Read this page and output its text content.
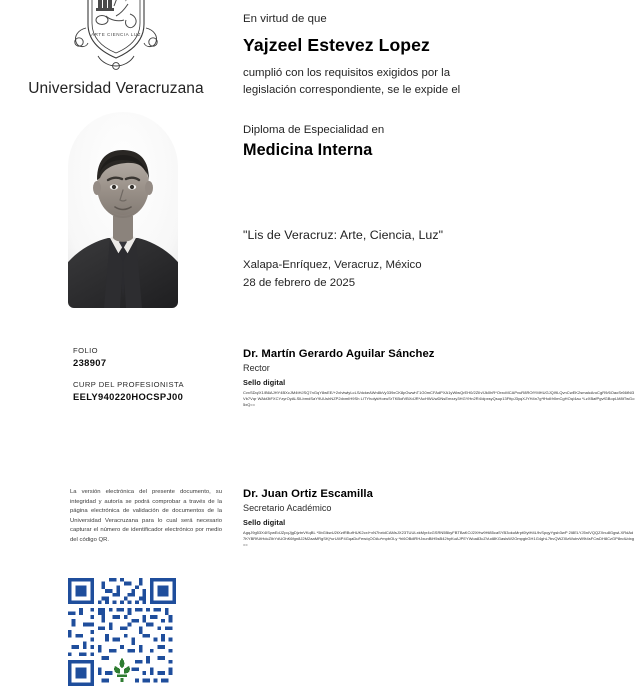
ARTE CIENCIA LUZ
Universidad Veracruzana

FOLIO

238907

CURP DEL PROFESIONISTA

EELY940220HOCSPJ00

La versión electrónica del presente documento, su integridad y autoría se podrá comprobar a través de la página electrónica de validación de documentos de la Universidad Veracruzana para lo cual será necesario capturar el número de identificador electrónico por medio del código QR.
En virtud de que
Yajzeel Estevez Lopez
cumplió con los requisitos exigidos por la legislación correspondiente, se le expide el
Diploma de Especialidad en
Medicina Interna
"Lis de Veracruz: Arte, Ciencia, Luz"
Xalapa-Enríquez, Veracruz, México
28 de febrero de 2025

Dr. Martín Gerardo Aguilar Sánchez

Rector

Sello digital

CvxSDq/X1/B6AJHY4BXcJM4tHJSQ7nGqY8wEE/+2xIvtwlyLcLS/dckeAWn8kVy339xCK8pGwwhT1G0mCFAdPXA1yWiwQrEH0/2ZIh/IJk0hR*OrxcMCAPvuR8ROfYMHUGJQI9LQvnCwEK2smalcAroCgR9/6OaoSr66tNi3Vb7Vqr WAkt3tFXCYzyrOyALSlLbmdSaY9UUshNZP2dxmIH9Sh LITYholykHoeuSrTKBofVBXdJR*AcHWUwDNsEmxzy3HGYHn2R4/dpxsyQsup13FttpJ3yqXJYH4n7g*fHolIfr0mCgHOq/4au *LzXBafPgvfGBopLM8tTwGo5xQ==

Dr. Juan Ortiz Escamilla

Secretario Académico

Sello digital

AgqJ9g53X4ISywEdJZpqJjgDjztnVKqBL *5bGlkwU2tXztRBufHUK2cxI+xN7hxtdCAMsJX23TUULxkMyr4cGSRN5BkyFBTBaKOJ2XHw9Hi85caSYB3okuMrpt0IytH4L9vSpqyYgsb3wP 2I8ELYJ5nIVQQZXnu8GgwLXRdAd7KYBRfUtHdcZIbYdUOhK6fgn8J2M2aaMRgSKj*urUl4P4GqaDuFew/qOOAu*mpbOLy *hi6OBdlRHJxunBiH5sB42hyKuAJPEYWoa83cZVud8KGaslsW2OmpgbGH1G4ghL7bvQWZI0zWubvW9t4sFCwDH8CzGP8ndUdxg==
